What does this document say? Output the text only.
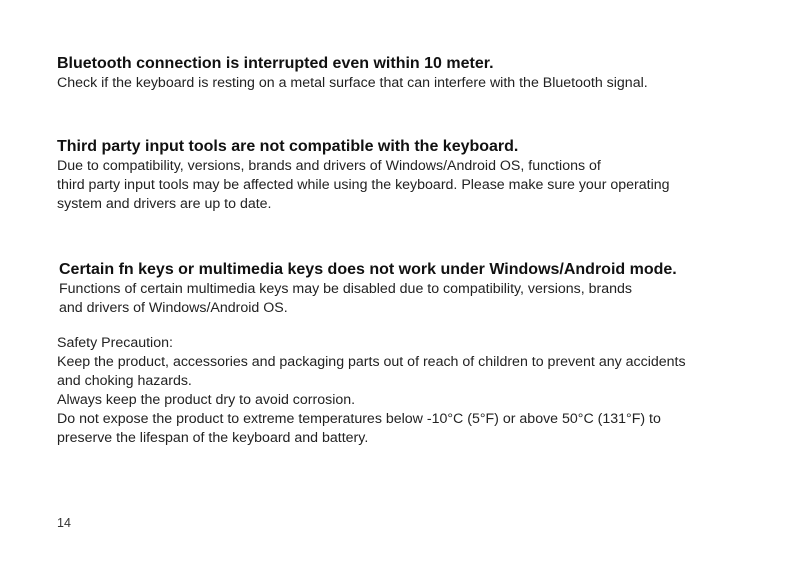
Bluetooth connection is interrupted even within 10 meter.

Check if the keyboard is resting on a metal surface that can interfere with the Bluetooth signal.

Third party input tools are not compatible with the keyboard.

Due to compatibility, versions, brands and drivers of Windows/Android OS, functions of

third party input tools may be affected while using the keyboard. Please make sure your operating

system and drivers are up to date.

Certain fn keys or multimedia keys does not work under Windows/Android mode.

Functions of certain multimedia keys may be disabled due to compatibility, versions, brands

and drivers of Windows/Android OS.

Safety Precaution:

Keep the product, accessories and packaging parts out of reach of children to prevent any accidents

and choking hazards.

Always keep the product dry to avoid corrosion.

Do not expose the product to extreme temperatures below -10°C (5°F) or above 50°C (131°F) to

preserve the lifespan of the keyboard and battery.

14
